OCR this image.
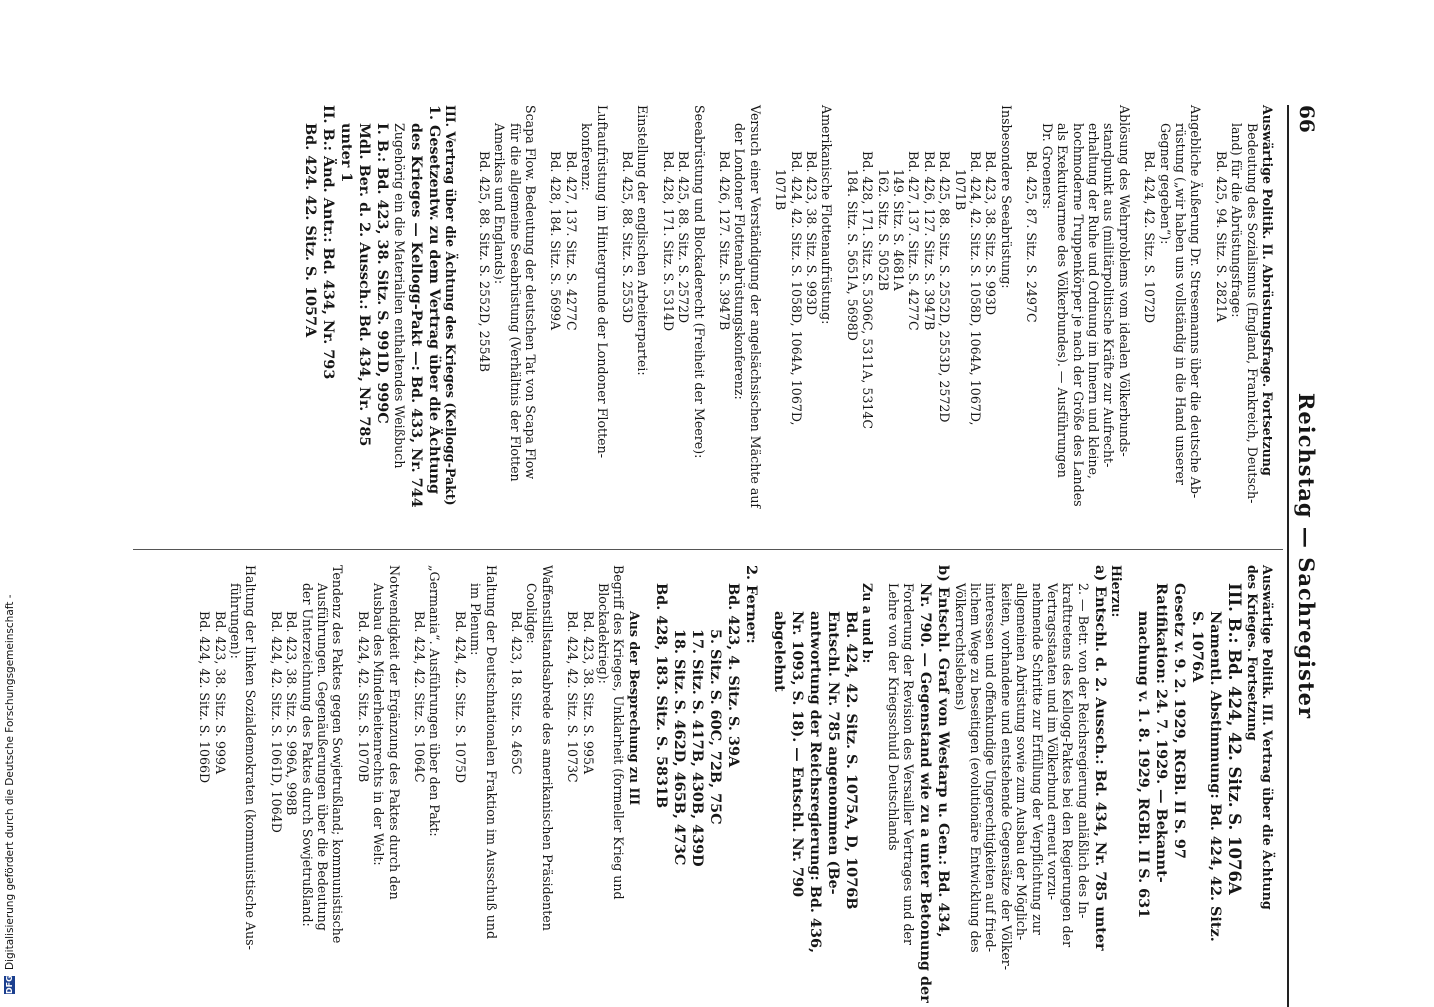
66
Reichstag — Sachregister

Auswärtige Politik. II. Abrüstungsfrage. Fortsetzung

Bedeutung des Sozialismus (England, Frankreich, Deutsch-

land) für die Abrüstungsfrage:

Bd. 425, 94. Sitz. S. 2821A

Angebliche Äußerung Dr. Stresemanns über die deutsche Ab-

rüstung („wir haben uns vollständig in die Hand unserer

Gegner gegeben“):

Bd. 424, 42. Sitz. S. 1072D

Ablösung des Wehrproblems vom idealen Völkerbunds-

standpunkt aus (militärpolitische Kräfte zur Aufrecht-

erhaltung der Ruhe und Ordnung im Innern und kleine,

hochmoderne Truppenkörper je nach der Größe des Landes

als Exekutivarmee des Völkerbundes). — Ausführungen

Dr. Groeners:

Bd. 425, 87. Sitz. S. 2497C

Insbesondere Seeabrüstung:

Bd. 423, 38. Sitz. S. 993D

Bd. 424, 42. Sitz. S. 1058D, 1064A, 1067D,

1071B

Bd. 425, 88. Sitz. S. 2552D, 2553D, 2572D

Bd. 426, 127. Sitz. S. 3947B

Bd. 427, 137. Sitz. S. 4277C

149. Sitz. S. 4681A

162. Sitz. S. 5052B

Bd. 428, 171. Sitz. S. 5306C, 5311A, 5314C

184. Sitz. S. 5651A, 5698D

Amerikanische Flottenaufrüstung:

Bd. 423, 38. Sitz. S. 993D

Bd. 424, 42. Sitz. S. 1058D, 1064A, 1067D,

1071B

Versuch einer Verständigung der angelsächsischen Mächte auf

der Londoner Flottenabrüstungskonferenz:

Bd. 426, 127. Sitz. S. 3947B

Seeabrüstung und Blockaderecht (Freiheit der Meere):

Bd. 425, 88. Sitz. S. 2572D

Bd. 428, 171. Sitz. S. 5314D

Einstellung der englischen Arbeiterpartei:

Bd. 425, 88. Sitz. S. 2553D

Luftaufrüstung im Hintergrunde der Londoner Flotten-

konferenz:

Bd. 427, 137. Sitz. S. 4277C

Bd. 428, 184. Sitz. S. 5699A

Scapa Flow. Bedeutung der deutschen Tat von Scapa Flow

für die allgemeine Seeabrüstung (Verhältnis der Flotten

Amerikas und Englands):

Bd. 425, 88. Sitz. S. 2552D, 2554B

III. Vertrag über die Ächtung des Krieges (Kellogg-Pakt)

1. Gesetzentw. zu dem Vertrag über die Ächtung

des Krieges — Kellogg-Pakt —: Bd. 433, Nr. 744

Zugehörig ein die Materialien enthaltendes Weißbuch

I. B.: Bd. 423, 38. Sitz. S. 991D, 999C

Mdl. Ber. d. 2. Aussch.: Bd. 434, Nr. 785

unter 1

II. B.: Änd. Antr.: Bd. 434, Nr. 793

Bd. 424. 42. Sitz. S. 1057A

Auswärtige Politik. III. Vertrag über die Ächtung

des Krieges. Fortsetzung

III. B.: Bd. 424, 42. Sitz. S. 1076A

Namentl. Abstimmung: Bd. 424, 42. Sitz.

S. 1076A

Gesetz v. 9. 2. 1929, RGBl. II S. 97

Ratifikation: 24. 7. 1929. — Bekannt-

machung v. 1. 8. 1929, RGBl. II S. 631

Hierzu:

a) Entschl. d. 2. Aussch.: Bd. 434, Nr. 785 unter

2. — Betr. von der Reichsregierung anläßlich des In-

krafttretens des Kellogg-Paktes bei den Regierungen der

Vertragsstaaten und im Völkerbund erneut vorzu-

nehmende Schritte zur Erfüllung der Verpflichtung zur

allgemeinen Abrüstung sowie zum Ausbau der Möglich-

keiten, vorhandene und entstehende Gegensätze der Völker-

interessen und offenkundige Ungerechtigkeiten auf fried-

lichem Wege zu beseitigen (evolutionäre Entwicklung des

Völkerrechtslebens)

b) Entschl. Graf von Westarp u. Gen.: Bd. 434,

Nr. 790. — Gegenstand wie zu a unter Betonung der

Forderung der Revision des Versailler Vertrages und der

Lehre von der Kriegsschuld Deutschlands

Zu a und b:

Bd. 424, 42. Sitz. S. 1075A, D, 1076B

Entschl. Nr. 785 angenommen (Be-

antwortung der Reichsregierung: Bd. 436,

Nr. 1093, S. 18). — Entschl. Nr. 790

abgelehnt

2. Ferner:

Bd. 423, 4. Sitz. S. 39A

5. Sitz. S. 60C, 72B, 75C

17. Sitz. S. 417B, 430B, 439D

18. Sitz. S. 462D, 465B, 473C

Bd. 428, 183. Sitz. S. 5831B

Aus der Besprechung zu III

Begriff des Krieges, Unklarheit (formeller Krieg und

Blockadekrieg):

Bd. 423, 38. Sitz. S. 995A

Bd. 424, 42. Sitz. S. 1073C

Waffenstillstandsabrede des amerikanischen Präsidenten

Coolidge:

Bd. 423, 18. Sitz. S. 465C

Haltung der Deutschnationalen Fraktion im Ausschuß und

im Plenum:

Bd. 424, 42. Sitz. S. 1075D

„Germania“. Ausführungen über den Pakt:

Bd. 424, 42. Sitz. S. 1064C

Notwendigkeit der Ergänzung des Paktes durch den

Ausbau des Minderheitenrechts in der Welt:

Bd. 424, 42. Sitz. S. 1070B

Tendenz des Paktes gegen Sowjetrußland; kommunistische

Ausführungen. Gegenäußerungen über die Bedeutung

der Unterzeichnung des Paktes durch Sowjetrußland:

Bd. 423, 38. Sitz. S. 996A, 998B

Bd. 424, 42. Sitz. S. 1061D, 1064D

Haltung der linken Sozialdemokraten (kommunistische Aus-

führungen):

Bd. 423, 38. Sitz. S. 999A

Bd. 424, 42. Sitz. S. 1066D

DFG
Digitalisierung gefördert durch die Deutsche Forschungsgemeinschaft -
